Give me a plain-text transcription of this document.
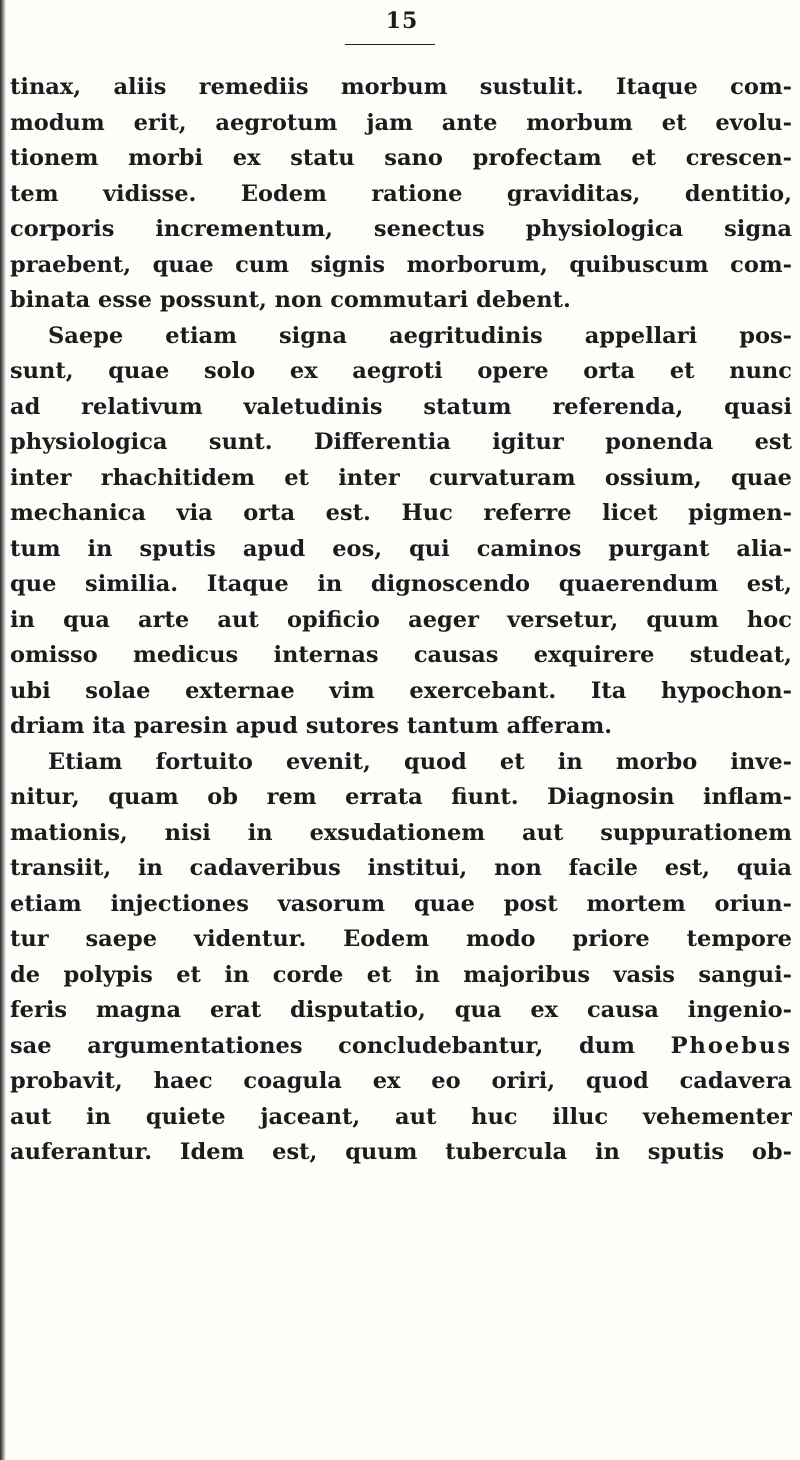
15
tinax, aliis remediis morbum sustulit. Itaque com-
modum erit, aegrotum jam ante morbum et evolu-
tionem morbi ex statu sano profectam et crescen-
tem vidisse. Eodem ratione graviditas, dentitio,
corporis incrementum, senectus physiologica signa
praebent, quae cum signis morborum, quibuscum com-
binata esse possunt, non commutari debent.
Saepe etiam signa aegritudinis appellari pos-
sunt, quae solo ex aegroti opere orta et nunc
ad relativum valetudinis statum referenda, quasi
physiologica sunt. Differentia igitur ponenda est
inter rhachitidem et inter curvaturam ossium, quae
mechanica via orta est. Huc referre licet pigmen-
tum in sputis apud eos, qui caminos purgant alia-
que similia. Itaque in dignoscendo quaerendum est,
in qua arte aut opificio aeger versetur, quum hoc
omisso medicus internas causas exquirere studeat,
ubi solae externae vim exercebant. Ita hypochon-
driam ita paresin apud sutores tantum afferam.
Etiam fortuito evenit, quod et in morbo inve-
nitur, quam ob rem errata fiunt. Diagnosin inflam-
mationis, nisi in exsudationem aut suppurationem
transiit, in cadaveribus institui, non facile est, quia
etiam injectiones vasorum quae post mortem oriun-
tur saepe videntur. Eodem modo priore tempore
de polypis et in corde et in majoribus vasis sangui-
feris magna erat disputatio, qua ex causa ingenio-
sae argumentationes concludebantur, dum Phoebus
probavit, haec coagula ex eo oriri, quod cadavera
aut in quiete jaceant, aut huc illuc vehementer
auferantur. Idem est, quum tubercula in sputis ob-
